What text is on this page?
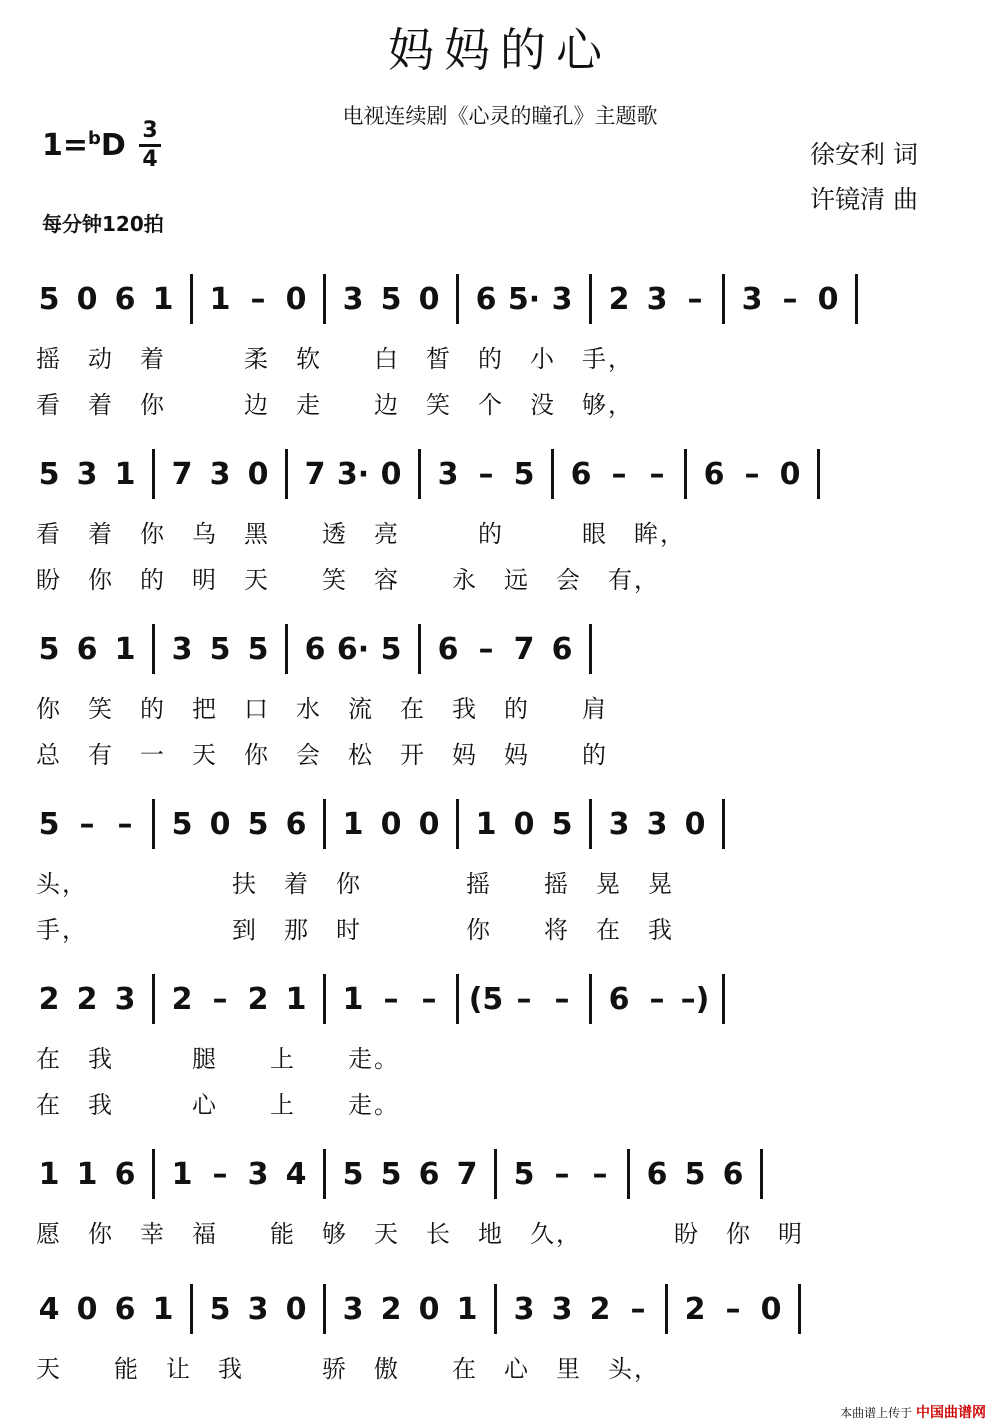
妈妈的心
电视连续剧《心灵的瞳孔》主题歌
1=$^b$D 3
4
每分钟120拍
徐安利 词
许镜清 曲
5 0 6 1 1 – 0 3 5 0 6 5· 3 2 3 –	3 – 0
摇　动　着　　　柔　软　　白　皙　的　小　手，
看　着　你　　　边　走　　边　笑　个　没　够，
5 3 1 7 3 0 7 3· 0 3 – 5 6 – –	6 – 0
看　着　你　乌　黑　　透　亮　　　的　　　眼　眸，
盼　你　的　明　天　　笑　容　　永　远　会　有，
5 6 1 3 5 5 6 6· 5 6 – 7 6
你　笑　的　把　口　水　流　在　我　的　　肩
总　有　一　天　你　会　松　开　妈　妈　　的
5 – –	5 0 5 6 1 0 0 1 0 5 3 3 0
头，　　　　　　扶　着　你　　　　摇　　摇　晃　晃
手，　　　　　　到　那　时　　　　你　　将　在　我
2 2 3 2 – 2 1 1 – –	(5 – –	6 – –)
在　我　　　腿　　上　　走。
在　我　　　心　　上　　走。
1 1 6 1 – 3 4 5 5 6 7 5 – –	6 5 6
愿　你　幸　福　　能　够　天　长　地　久，　　　　盼　你　明
4 0 6 1 5 3 0 3 2 0 1 3 3 2 –	2 – 0
天　　能　让　我　　　骄　傲　　在　心　里　头，
本曲谱上传于 中国曲谱网
